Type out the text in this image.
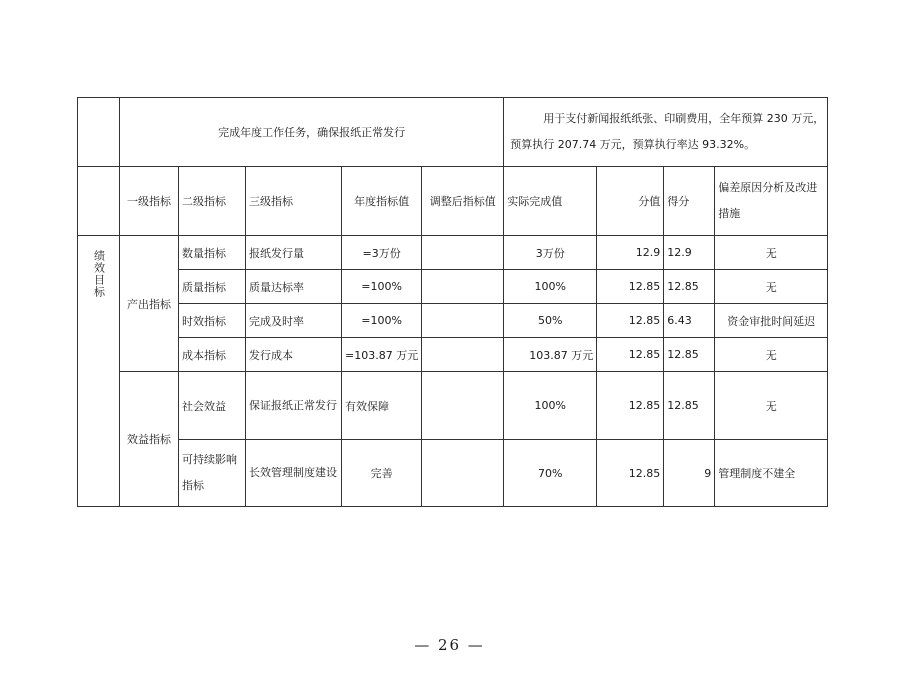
	完成年度工作任务，确保报纸正常发行					用于支付新闻报纸纸张、印刷费用，全年预算 230 万元，
预算执行 207.74 万元，预算执行率达 93.32%。			

	一级指标	二级指标	三级指标	年度指标值	调整后指标值	实际完成值	分值	得分	偏差原因分析及改进措施
绩效目标	产出指标	数量指标	报纸发行量	=3万份		3万份	12.9	12.9	无
		质量指标	质量达标率	=100%		100%	12.85	12.85	无
		时效指标	完成及时率	=100%		50%	12.85	6.43	资金审批时间延迟
		成本指标	发行成本	=103.87 万元		103.87 万元	12.85	12.85	无
	效益指标	社会效益	保证报纸正常发行	有效保障		100%	12.85	12.85	无
		可持续影响指标	长效管理制度建设	完善		70%	12.85	9	管理制度不建全
— 26 —
